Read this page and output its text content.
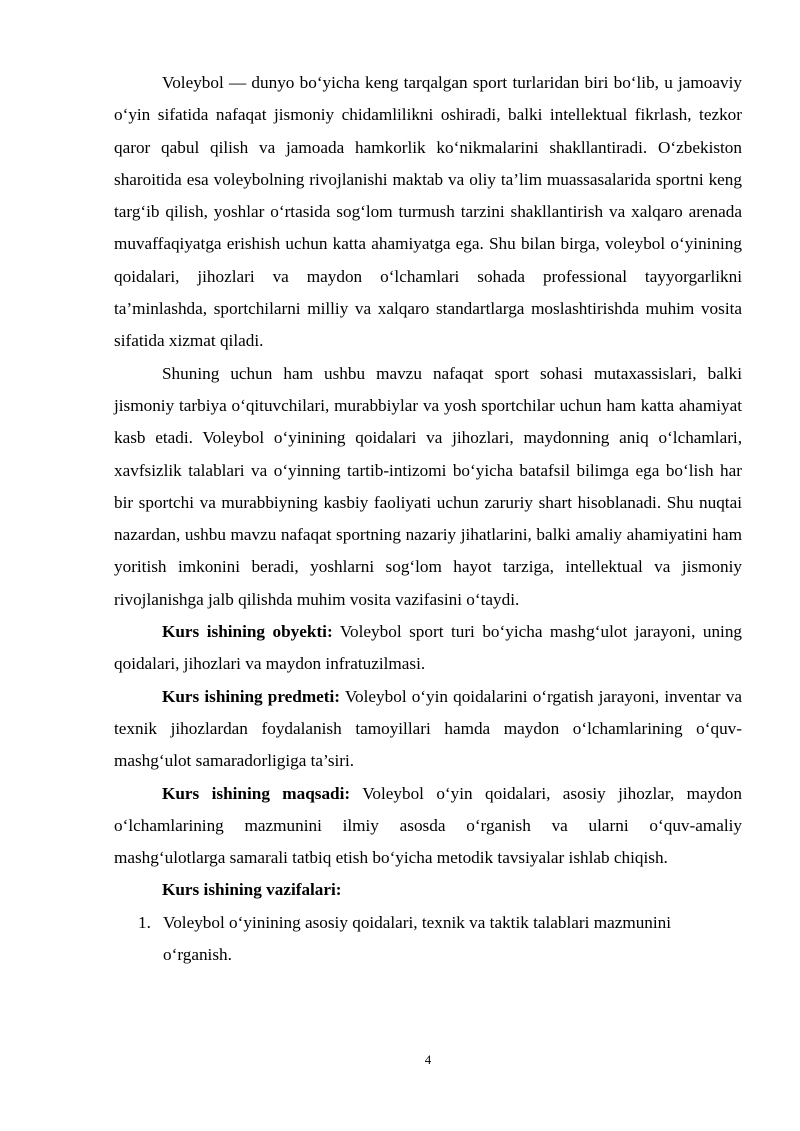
Voleybol — dunyo bo‘yicha keng tarqalgan sport turlaridan biri bo‘lib, u jamoaviy o‘yin sifatida nafaqat jismoniy chidamlilikni oshiradi, balki intellektual fikrlash, tezkor qaror qabul qilish va jamoada hamkorlik ko‘nikmalarini shakllantiradi. O‘zbekiston sharoitida esa voleybolning rivojlanishi maktab va oliy ta’lim muassasalarida sportni keng targ‘ib qilish, yoshlar o‘rtasida sog‘lom turmush tarzini shakllantirish va xalqaro arenada muvaffaqiyatga erishish uchun katta ahamiyatga ega. Shu bilan birga, voleybol o‘yinining qoidalari, jihozlari va maydon o‘lchamlari sohada professional tayyorgarlikni ta’minlashda, sportchilarni milliy va xalqaro standartlarga moslashtirishda muhim vosita sifatida xizmat qiladi.

Shuning uchun ham ushbu mavzu nafaqat sport sohasi mutaxassislari, balki jismoniy tarbiya o‘qituvchilari, murabbiylar va yosh sportchilar uchun ham katta ahamiyat kasb etadi. Voleybol o‘yinining qoidalari va jihozlari, maydonning aniq o‘lchamlari, xavfsizlik talablari va o‘yinning tartib-intizomi bo‘yicha batafsil bilimga ega bo‘lish har bir sportchi va murabbiyning kasbiy faoliyati uchun zaruriy shart hisoblanadi. Shu nuqtai nazardan, ushbu mavzu nafaqat sportning nazariy jihatlarini, balki amaliy ahamiyatini ham yoritish imkonini beradi, yoshlarni sog‘lom hayot tarziga, intellektual va jismoniy rivojlanishga jalb qilishda muhim vosita vazifasini o‘taydi.

Kurs ishining obyekti: Voleybol sport turi bo‘yicha mashg‘ulot jarayoni, uning qoidalari, jihozlari va maydon infratuzilmasi.

Kurs ishining predmeti: Voleybol o‘yin qoidalarini o‘rgatish jarayoni, inventar va texnik jihozlardan foydalanish tamoyillari hamda maydon o‘lchamlarining o‘quv-mashg‘ulot samaradorligiga ta’siri.

Kurs ishining maqsadi: Voleybol o‘yin qoidalari, asosiy jihozlar, maydon o‘lchamlarining mazmunini ilmiy asosda o‘rganish va ularni o‘quv-amaliy mashg‘ulotlarga samarali tatbiq etish bo‘yicha metodik tavsiyalar ishlab chiqish.

Kurs ishining vazifalari:

1. Voleybol o‘yinining asosiy qoidalari, texnik va taktik talablari mazmunini o‘rganish.
4
